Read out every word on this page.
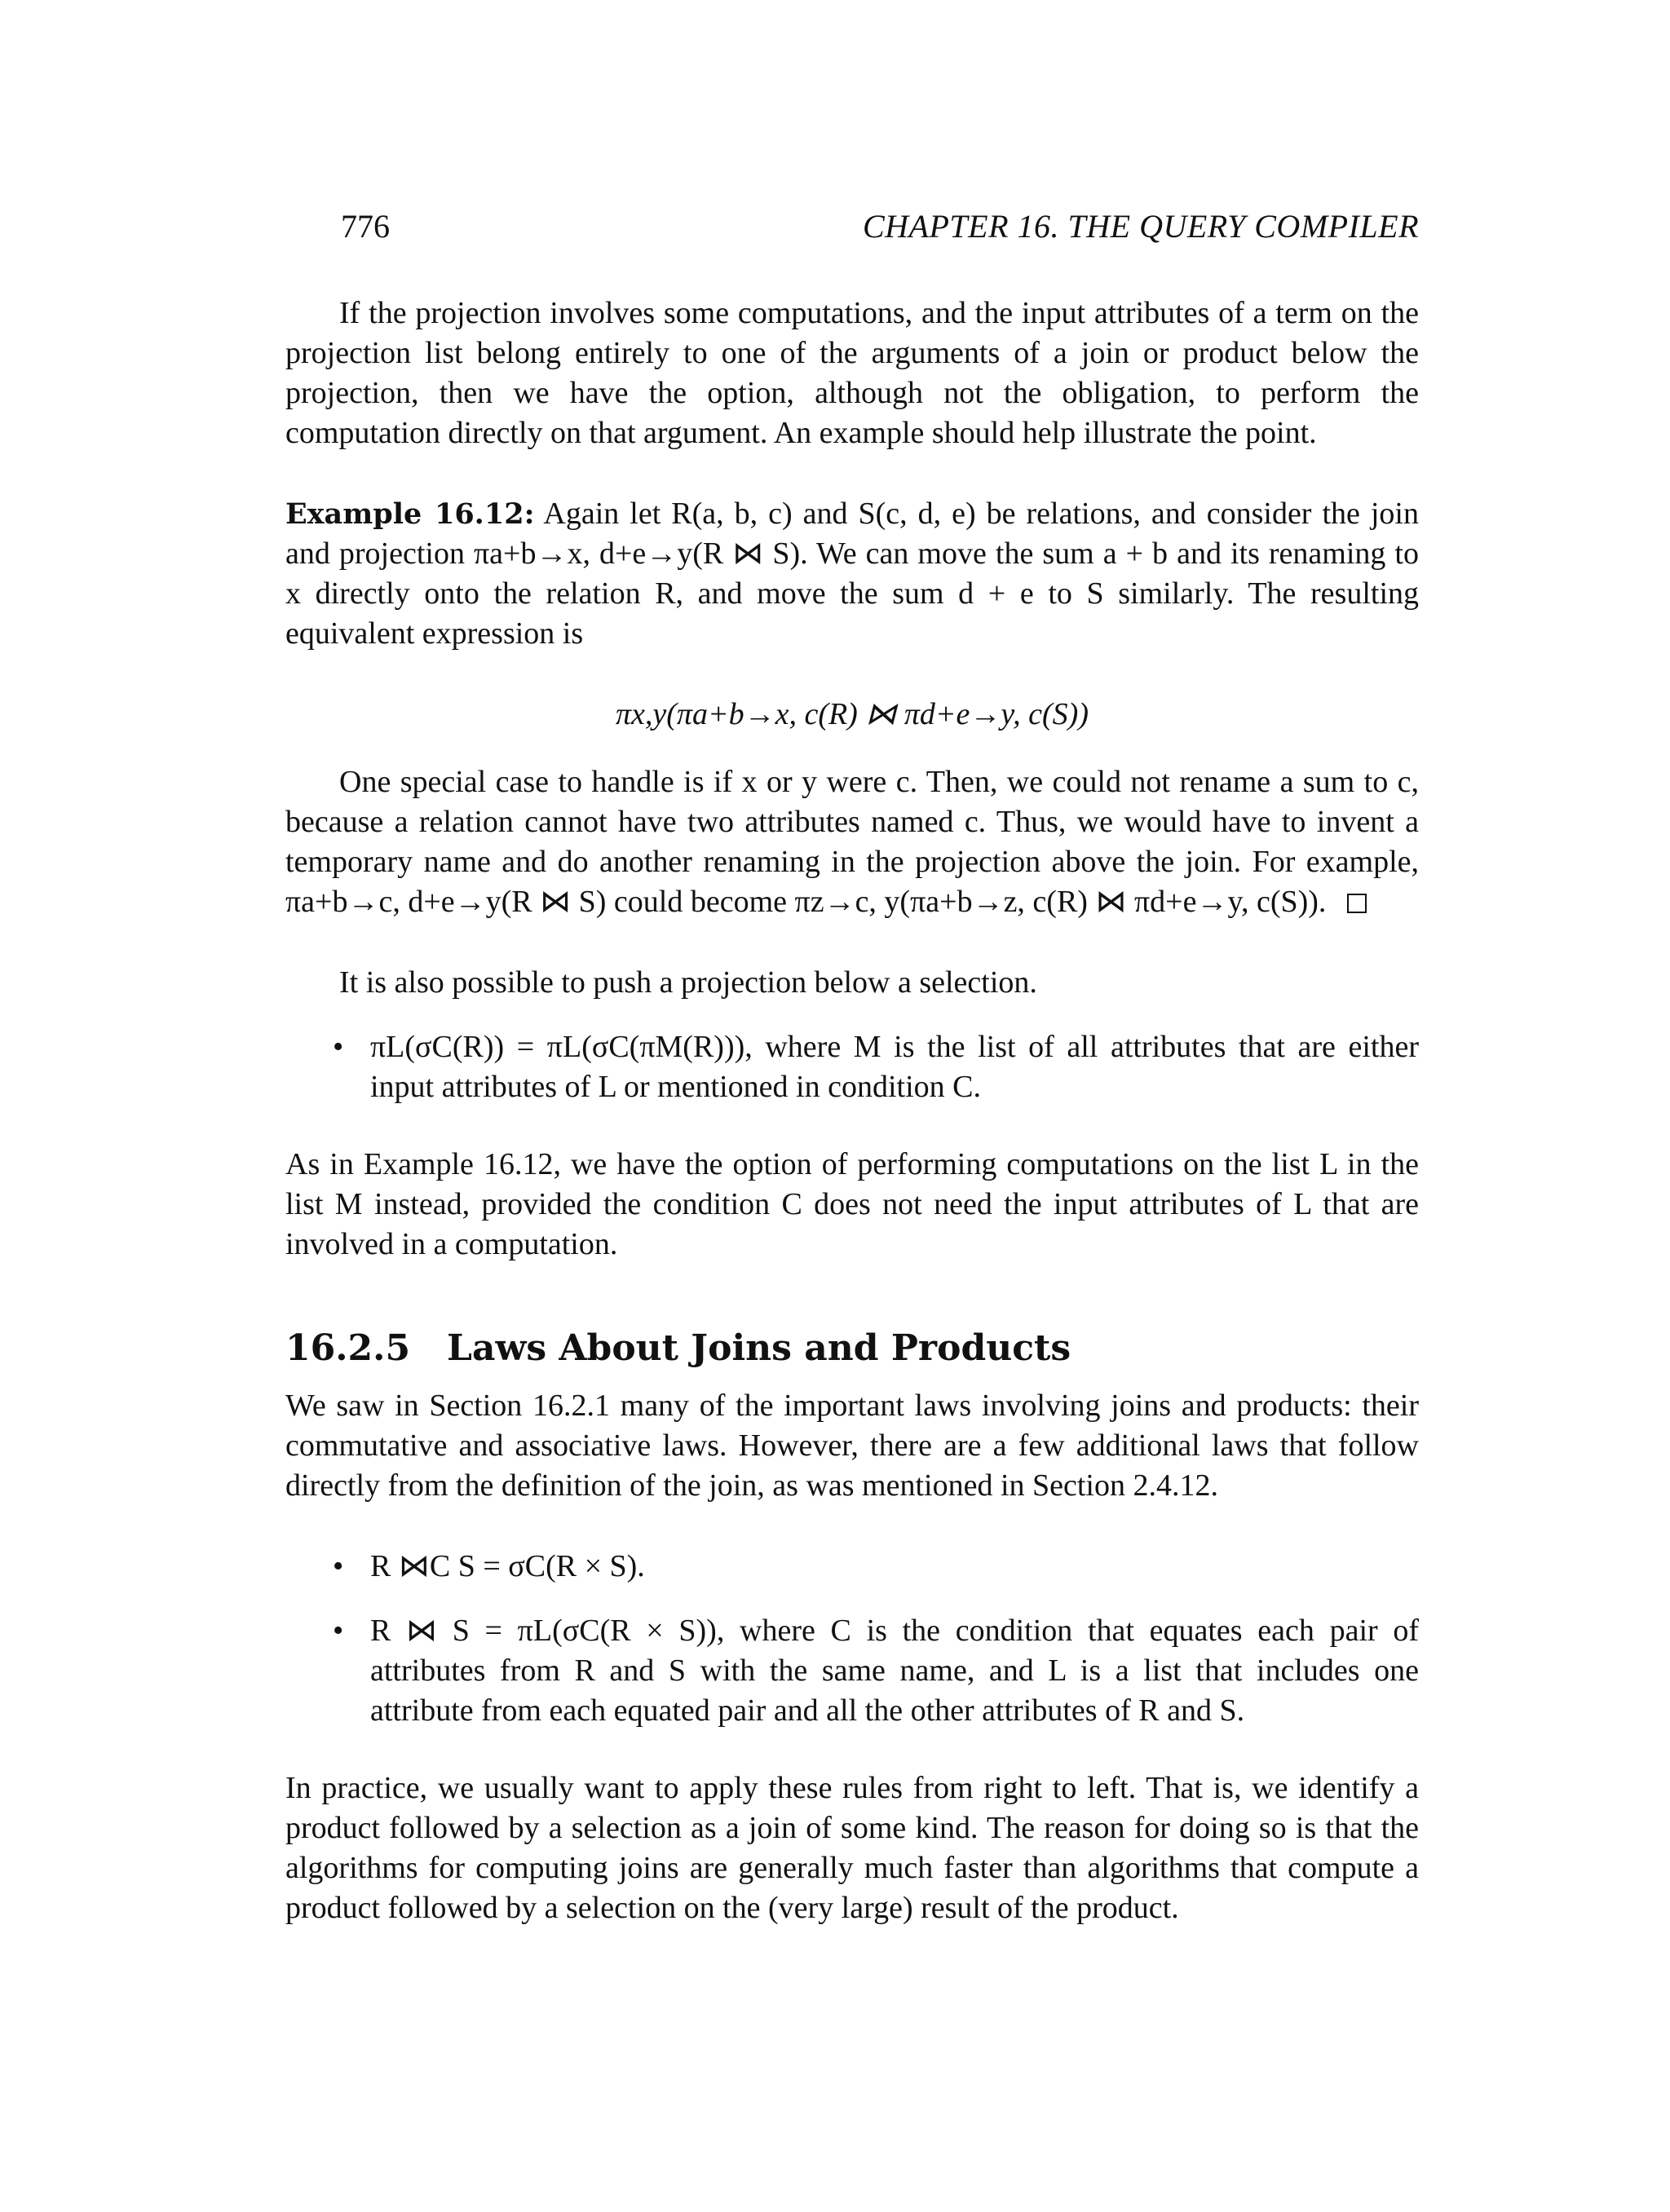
776	CHAPTER 16. THE QUERY COMPILER

If the projection involves some computations, and the input attributes of a term on the projection list belong entirely to one of the arguments of a join or product below the projection, then we have the option, although not the obligation, to perform the computation directly on that argument. An example should help illustrate the point.

Example 16.12: Again let R(a, b, c) and S(c, d, e) be relations, and consider the join and projection πa+b→x, d+e→y(R ⋈ S). We can move the sum a + b and its renaming to x directly onto the relation R, and move the sum d + e to S similarly. The resulting equivalent expression is

πx,y(πa+b→x, c(R) ⋈ πd+e→y, c(S))

One special case to handle is if x or y were c. Then, we could not rename a sum to c, because a relation cannot have two attributes named c. Thus, we would have to invent a temporary name and do another renaming in the projection above the join. For example, πa+b→c, d+e→y(R ⋈ S) could become πz→c, y(πa+b→z, c(R) ⋈ πd+e→y, c(S)).

It is also possible to push a projection below a selection.

• πL(σC(R)) = πL(σC(πM(R))), where M is the list of all attributes that are either input attributes of L or mentioned in condition C.

As in Example 16.12, we have the option of performing computations on the list L in the list M instead, provided the condition C does not need the input attributes of L that are involved in a computation.

16.2.5 Laws About Joins and Products

We saw in Section 16.2.1 many of the important laws involving joins and products: their commutative and associative laws. However, there are a few additional laws that follow directly from the definition of the join, as was mentioned in Section 2.4.12.

• R ⋈C S = σC(R × S).
• R ⋈ S = πL(σC(R × S)), where C is the condition that equates each pair of attributes from R and S with the same name, and L is a list that includes one attribute from each equated pair and all the other attributes of R and S.

In practice, we usually want to apply these rules from right to left. That is, we identify a product followed by a selection as a join of some kind. The reason for doing so is that the algorithms for computing joins are generally much faster than algorithms that compute a product followed by a selection on the (very large) result of the product.
